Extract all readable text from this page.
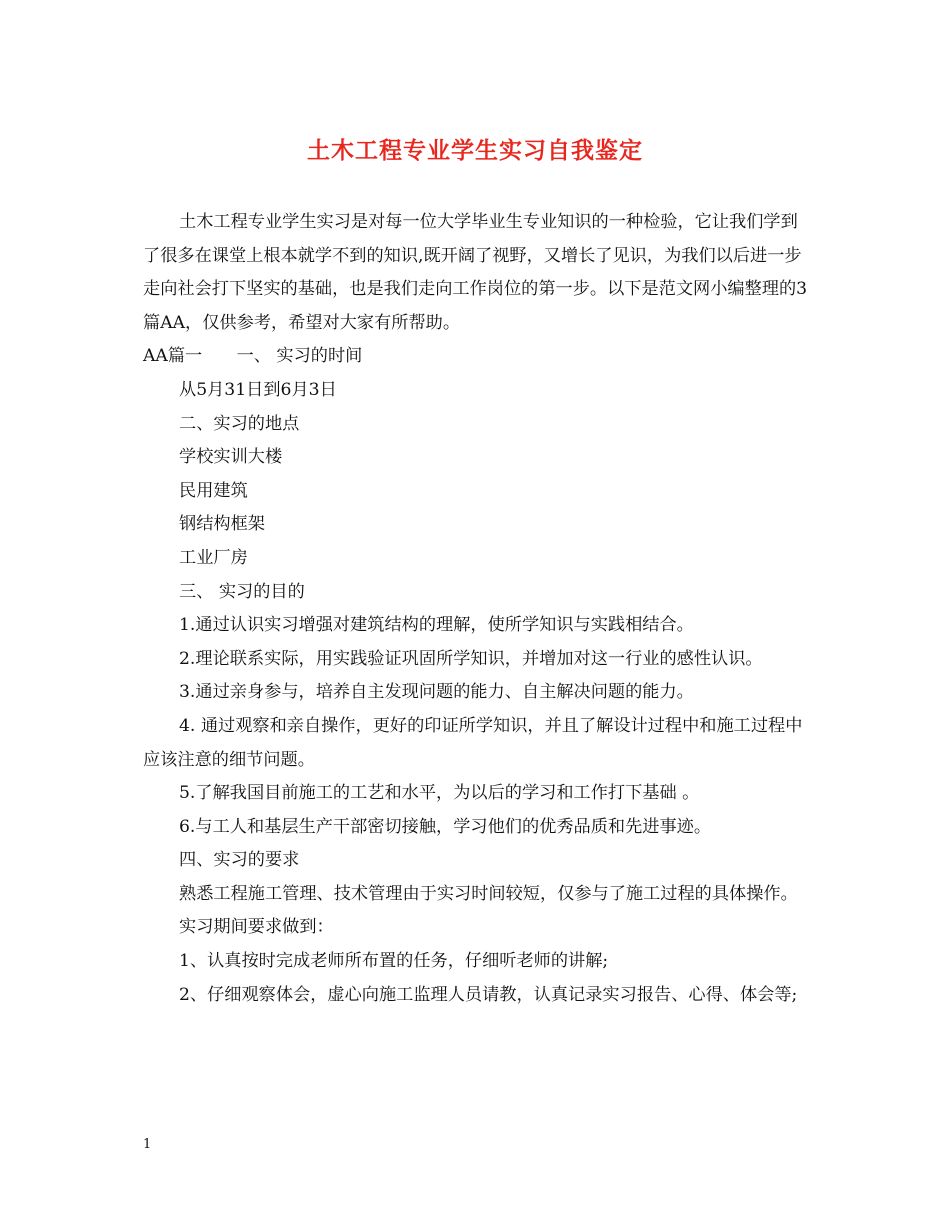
土木工程专业学生实习自我鉴定

土木工程专业学生实习是对每一位大学毕业生专业知识的一种检验，它让我们学到了很多在课堂上根本就学不到的知识,既开阔了视野，又增长了见识，为我们以后进一步走向社会打下坚实的基础，也是我们走向工作岗位的第一步。以下是范文网小编整理的3篇AA，仅供参考，希望对大家有所帮助。

AA篇一　　一、 实习的时间

从5月31日到6月3日

二、实习的地点

学校实训大楼

民用建筑

钢结构框架

工业厂房

三、 实习的目的

1.通过认识实习增强对建筑结构的理解，使所学知识与实践相结合。

2.理论联系实际，用实践验证巩固所学知识，并增加对这一行业的感性认识。

3.通过亲身参与，培养自主发现问题的能力、自主解决问题的能力。

4. 通过观察和亲自操作，更好的印证所学知识，并且了解设计过程中和施工过程中应该注意的细节问题。

5.了解我国目前施工的工艺和水平，为以后的学习和工作打下基础 。

6.与工人和基层生产干部密切接触，学习他们的优秀品质和先进事迹。

四、实习的要求

熟悉工程施工管理、技术管理由于实习时间较短，仅参与了施工过程的具体操作。

实习期间要求做到：

1、认真按时完成老师所布置的任务，仔细听老师的讲解;

2、仔细观察体会，虚心向施工监理人员请教，认真记录实习报告、心得、体会等;

1
